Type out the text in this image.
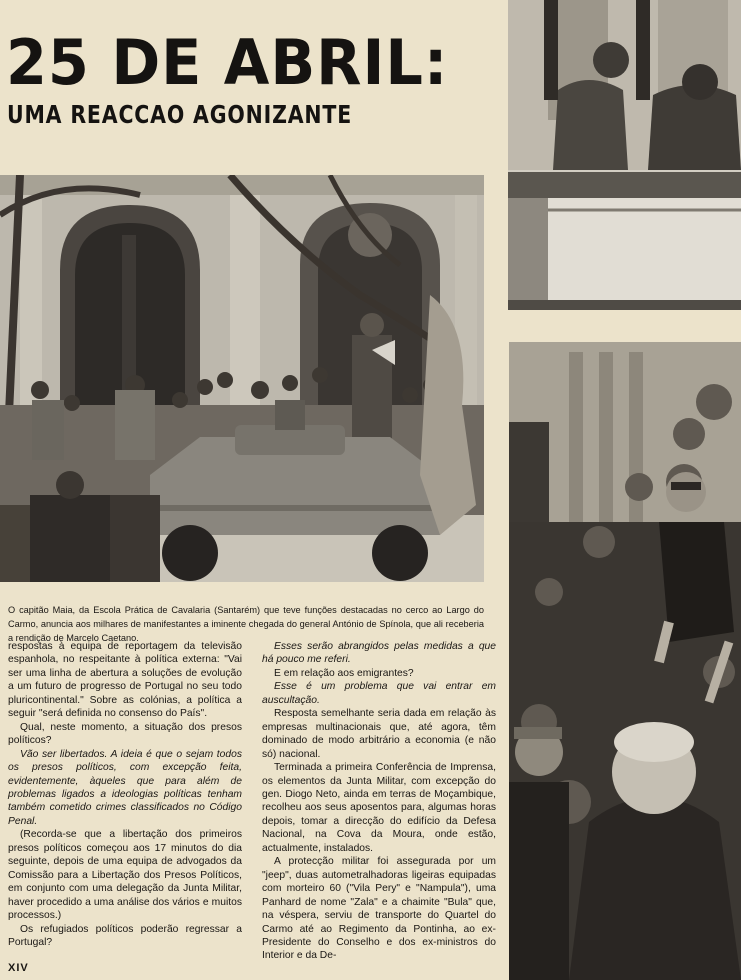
25 DE ABRIL:
UMA REACCAO AGONIZANTE

O capitão Maia, da Escola Prática de Cavalaria (Santarém) que teve funções destacadas no cerco ao Largo do Carmo, anuncia aos milhares de manifestantes a iminente chegada do general António de Spínola, que ali receberia a rendição de Marcelo Caetano.

respostas à equipa de reportagem da televisão espanhola, no respeitante à política externa: "Vai ser uma linha de abertura a soluções de evolução a um futuro de progresso de Portugal no seu todo pluricontinental." Sobre as colónias, a política a seguir "será definida no consenso do País".

Qual, neste momento, a situação dos presos políticos?

Vão ser libertados. A ideia é que o sejam todos os presos políticos, com excepção feita, evidentemente, àqueles que para além de problemas ligados a ideologias políticas tenham também cometido crimes classificados no Código Penal.

(Recorda-se que a libertação dos primeiros presos políticos começou aos 17 minutos do dia seguinte, depois de uma equipa de advogados da Comissão para a Libertação dos Presos Políticos, em conjunto com uma delegação da Junta Militar, haver procedido a uma análise dos vários e muitos processos.)

Os refugiados políticos poderão regressar a Portugal?

Esses serão abrangidos pelas medidas a que há pouco me referi.

E em relação aos emigrantes?

Esse é um problema que vai entrar em auscultação.

Resposta semelhante seria dada em relação às empresas multinacionais que, até agora, têm dominado de modo arbitrário a economia (e não só) nacional.

Terminada a primeira Conferência de Imprensa, os elementos da Junta Militar, com excepção do gen. Diogo Neto, ainda em terras de Moçambique, recolheu aos seus aposentos para, algumas horas depois, tomar a direcção do edifício da Defesa Nacional, na Cova da Moura, onde estão, actualmente, instalados.

A protecção militar foi assegurada por um "jeep", duas autometralhadoras ligeiras equipadas com morteiro 60 ("Vila Pery" e "Nampula"), uma Panhard de nome "Zala" e a chaimite "Bula" que, na véspera, serviu de transporte do Quartel do Carmo até ao Regimento da Pontinha, ao ex-Presidente do Conselho e dos ex-ministros do Interior e da De-

XIV
